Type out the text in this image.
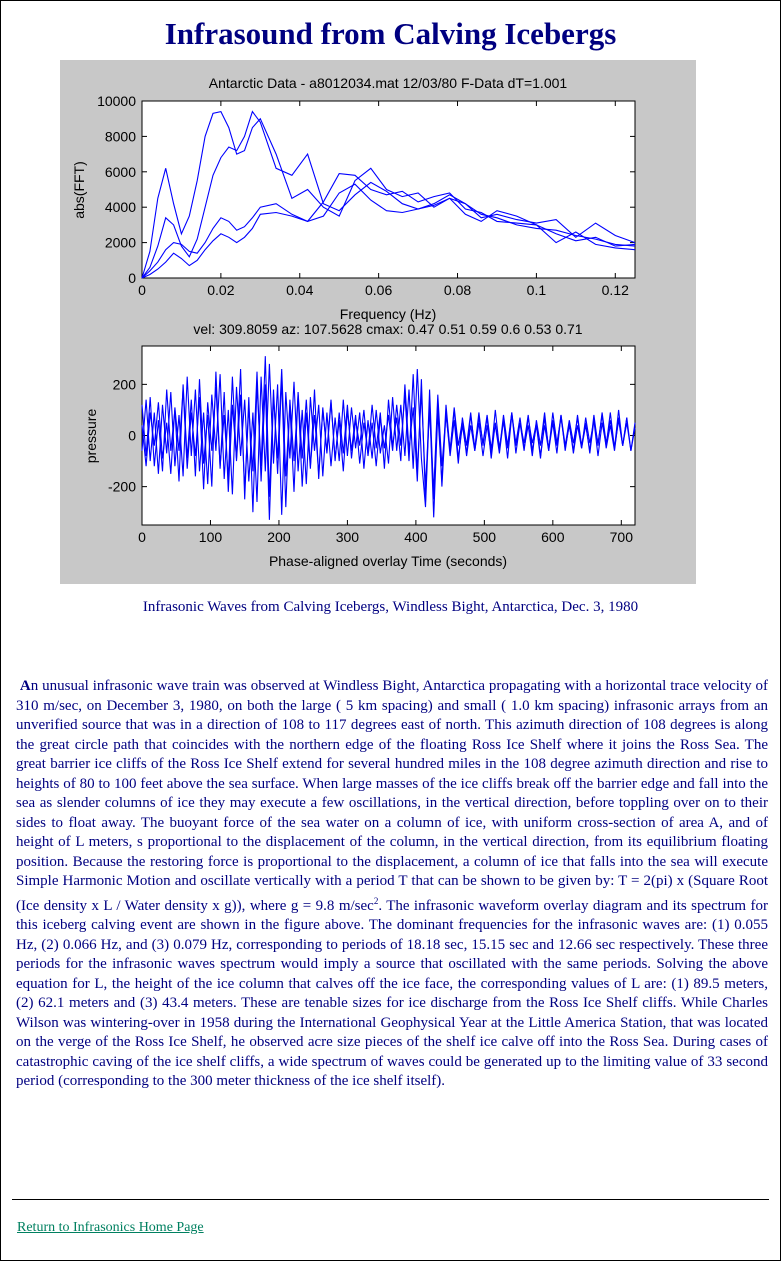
Infrasound from Calving Icebergs
Antarctic Data - a8012034.mat 12/03/80 F-Data dT=1.001
Frequency (Hz)
abs(FFT)
0	0.02	0.04	0.06	0.08	0.1	0.12
0
2000
4000
6000
8000
10000
vel: 309.8059 az: 107.5628 cmax: 0.47 0.51 0.59 0.6 0.53 0.71
Phase-aligned overlay Time (seconds)
pressure
0	100	200	300	400	500	600	700
-200
0
200
Infrasonic Waves from Calving Icebergs, Windless Bight, Antarctica, Dec. 3, 1980
An unusual infrasonic wave train was observed at Windless Bight, Antarctica propagating with a horizontal trace velocity of 310 m/sec, on December 3, 1980, on both the large ( 5 km spacing) and small ( 1.0 km spacing) infrasonic arrays from an unverified source that was in a direction of 108 to 117 degrees east of north. This azimuth direction of 108 degrees is along the great circle path that coincides with the northern edge of the floating Ross Ice Shelf where it joins the Ross Sea. The great barrier ice cliffs of the Ross Ice Shelf extend for several hundred miles in the 108 degree azimuth direction and rise to heights of 80 to 100 feet above the sea surface. When large masses of the ice cliffs break off the barrier edge and fall into the sea as slender columns of ice they may execute a few oscillations, in the vertical direction, before toppling over on to their sides to float away. The buoyant force of the sea water on a column of ice, with uniform cross-section of area A, and of height of L meters, s proportional to the displacement of the column, in the vertical direction, from its equilibrium floating position. Because the restoring force is proportional to the displacement, a column of ice that falls into the sea will execute Simple Harmonic Motion and oscillate vertically with a period T that can be shown to be given by: T = 2(pi) x (Square Root (Ice density x L / Water density x g)), where g = 9.8 $m/\sec^2$. The infrasonic waveform overlay diagram and its spectrum for this iceberg calving event are shown in the figure above. The dominant frequencies for the infrasonic waves are: (1) 0.055 Hz, (2) 0.066 Hz, and (3) 0.079 Hz, corresponding to periods of 18.18 sec, 15.15 sec and 12.66 sec respectively. These three periods for the infrasonic waves spectrum would imply a source that oscillated with the same periods. Solving the above equation for L, the height of the ice column that calves off the ice face, the corresponding values of L are: (1) 89.5 meters, (2) 62.1 meters and (3) 43.4 meters. These are tenable sizes for ice discharge from the Ross Ice Shelf cliffs. While Charles Wilson was wintering-over in 1958 during the International Geophysical Year at the Little America Station, that was located on the verge of the Ross Ice Shelf, he observed acre size pieces of the shelf ice calve off into the Ross Sea. During cases of catastrophic caving of the ice shelf cliffs, a wide spectrum of waves could be generated up to the limiting value of 33 second period (corresponding to the 300 meter thickness of the ice shelf itself).
Return to Infrasonics Home Page
